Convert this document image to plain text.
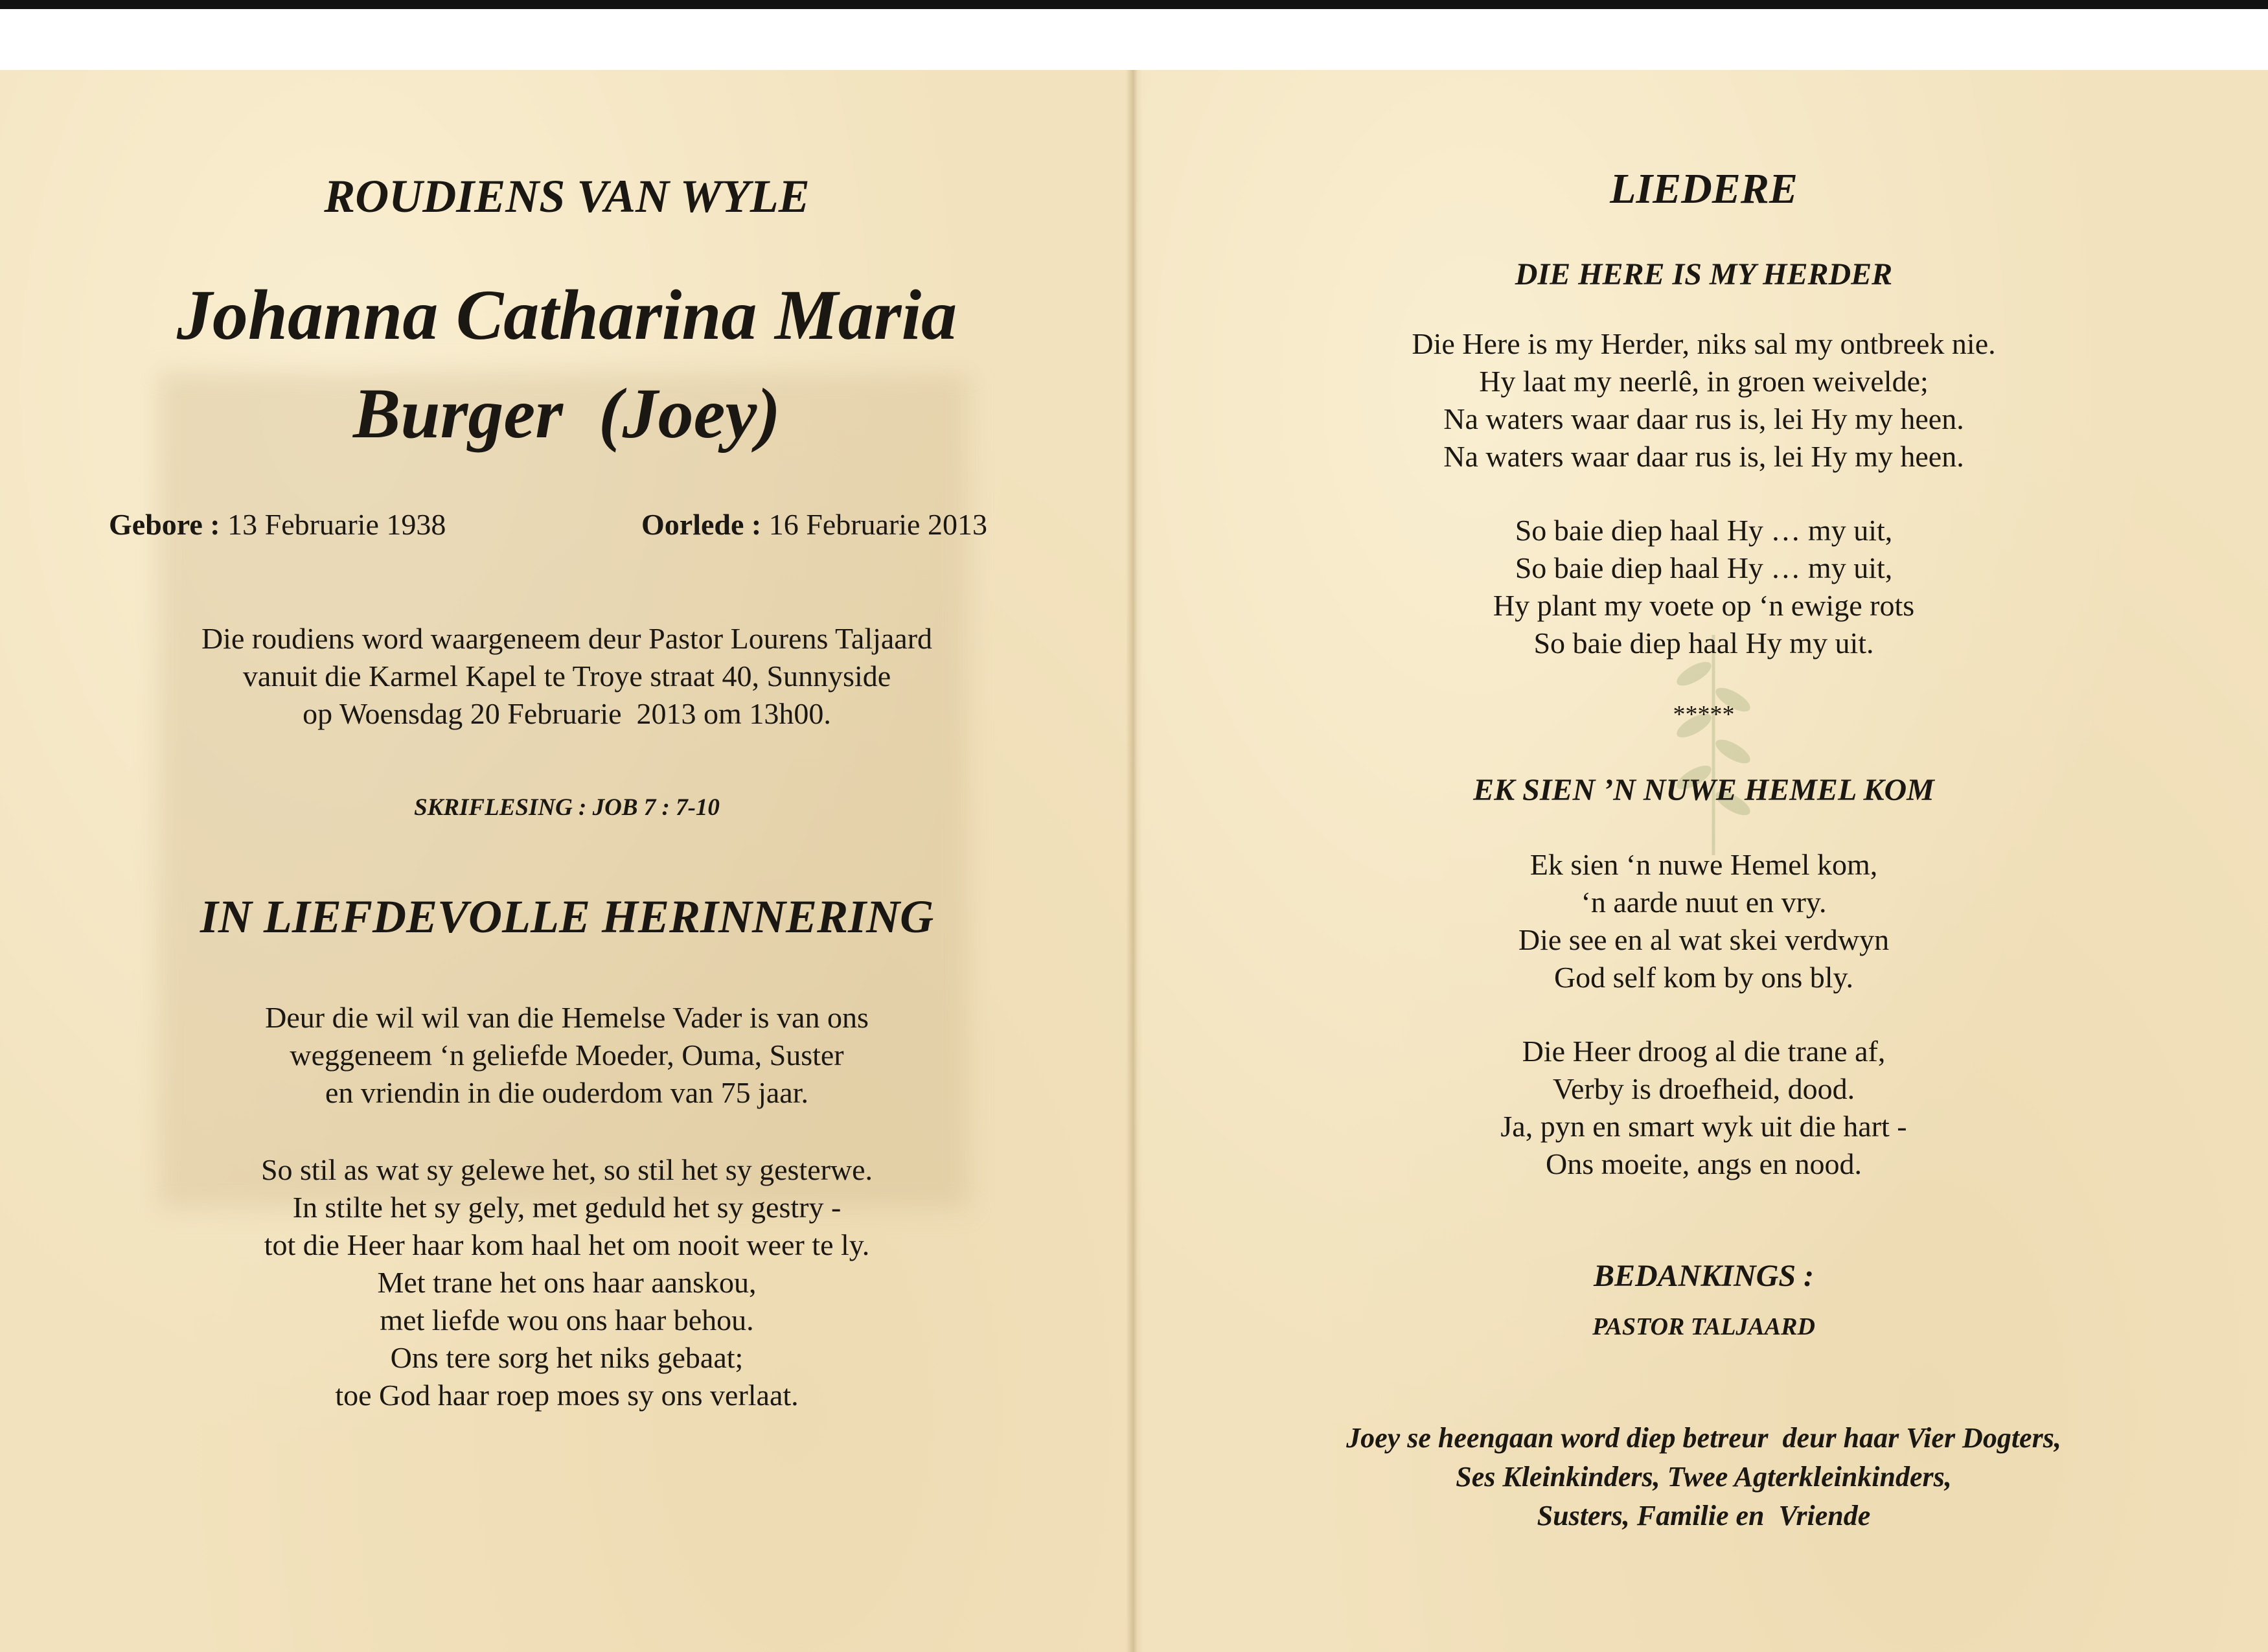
ROUDIENS VAN WYLE
Johanna Catharina Maria
Burger  (Joey)
Gebore : 13 Februarie 1938	Oorlede : 16 Februarie 2013
Die roudiens word waargeneem deur Pastor Lourens Taljaard
vanuit die Karmel Kapel te Troye straat 40, Sunnyside
op Woensdag 20 Februarie  2013 om 13h00.
SKRIFLESING : JOB 7 : 7-10
IN LIEFDEVOLLE HERINNERING
Deur die wil wil van die Hemelse Vader is van ons
weggeneem ‘n geliefde Moeder, Ouma, Suster
en vriendin in die ouderdom van 75 jaar.
So stil as wat sy gelewe het, so stil het sy gesterwe.
In stilte het sy gely, met geduld het sy gestry -
tot die Heer haar kom haal het om nooit weer te ly.
Met trane het ons haar aanskou,
met liefde wou ons haar behou.
Ons tere sorg het niks gebaat;
toe God haar roep moes sy ons verlaat.
LIEDERE
DIE HERE IS MY HERDER
Die Here is my Herder, niks sal my ontbreek nie.
Hy laat my neerlê, in groen weivelde;
Na waters waar daar rus is, lei Hy my heen.
Na waters waar daar rus is, lei Hy my heen.
So baie diep haal Hy … my uit,
So baie diep haal Hy … my uit,
Hy plant my voete op ‘n ewige rots
So baie diep haal Hy my uit.
*****
EK SIEN ’N NUWE HEMEL KOM
Ek sien ‘n nuwe Hemel kom,
‘n aarde nuut en vry.
Die see en al wat skei verdwyn
God self kom by ons bly.
Die Heer droog al die trane af,
Verby is droefheid, dood.
Ja, pyn en smart wyk uit die hart -
Ons moeite, angs en nood.
BEDANKINGS :
PASTOR TALJAARD
Joey se heengaan word diep betreur  deur haar Vier Dogters,
Ses Kleinkinders, Twee Agterkleinkinders,
Susters, Familie en  Vriende
